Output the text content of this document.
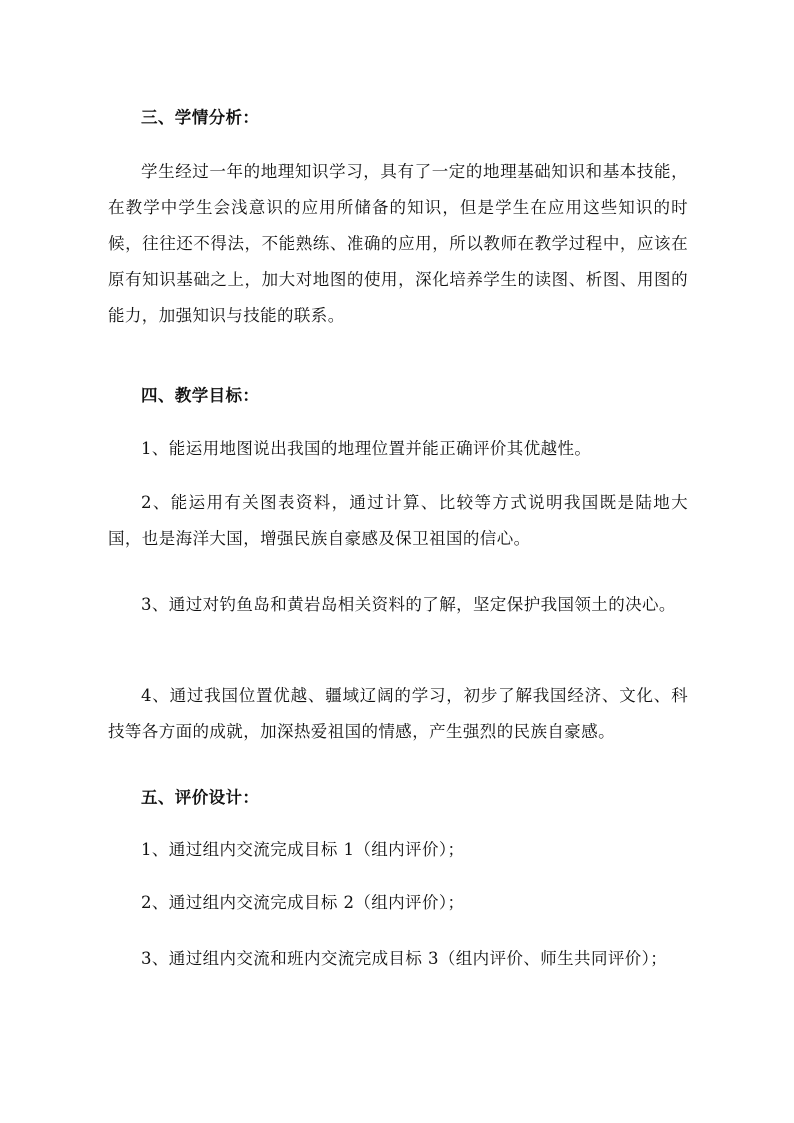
三、学情分析：

学生经过一年的地理知识学习，具有了一定的地理基础知识和基本技能，在教学中学生会浅意识的应用所储备的知识，但是学生在应用这些知识的时候，往往还不得法，不能熟练、准确的应用，所以教师在教学过程中，应该在原有知识基础之上，加大对地图的使用，深化培养学生的读图、析图、用图的能力，加强知识与技能的联系。

四、教学目标：

1、能运用地图说出我国的地理位置并能正确评价其优越性。

2、能运用有关图表资料，通过计算、比较等方式说明我国既是陆地大国，也是海洋大国，增强民族自豪感及保卫祖国的信心。

3、通过对钓鱼岛和黄岩岛相关资料的了解，坚定保护我国领土的决心。

4、通过我国位置优越、疆域辽阔的学习，初步了解我国经济、文化、科技等各方面的成就，加深热爱祖国的情感，产生强烈的民族自豪感。

五、评价设计：

1、通过组内交流完成目标 1（组内评价）；

2、通过组内交流完成目标 2（组内评价）；

3、通过组内交流和班内交流完成目标 3（组内评价、师生共同评价）；
